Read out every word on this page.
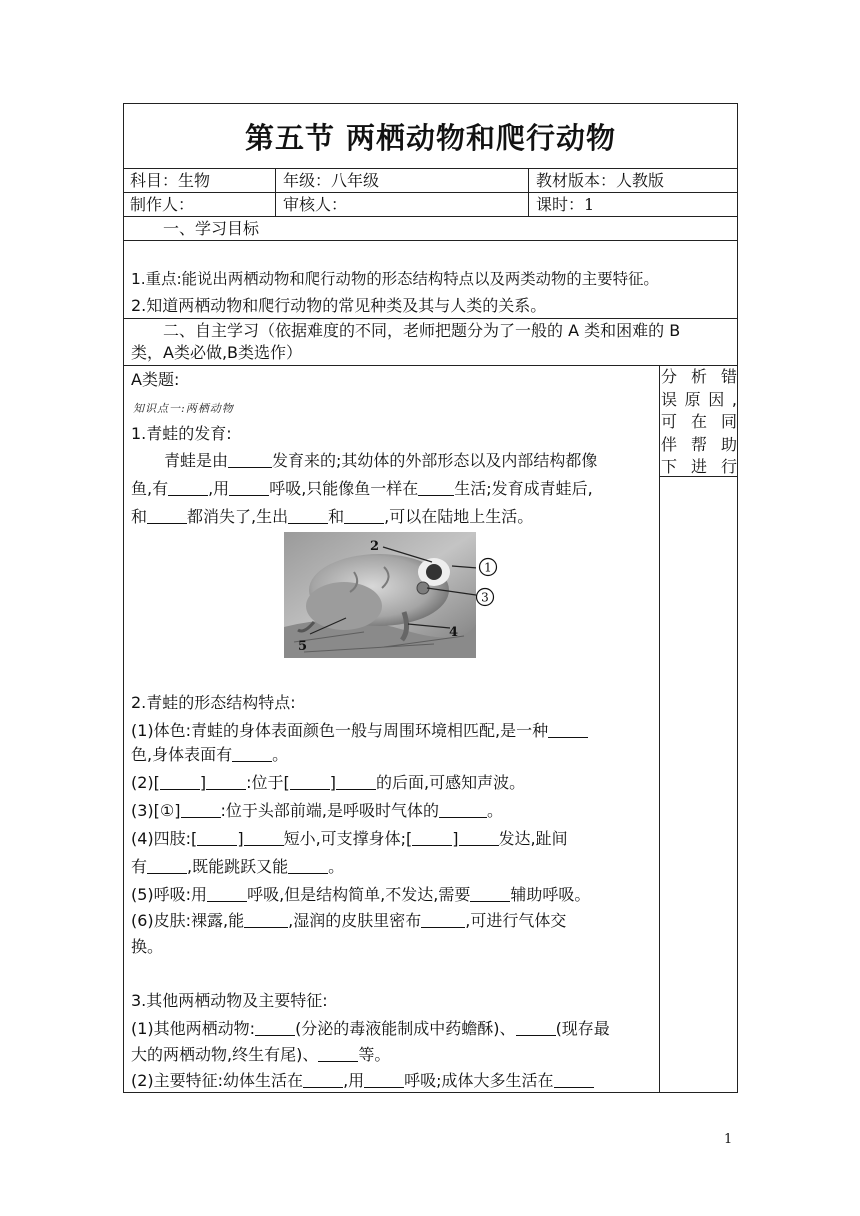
第五节 两栖动物和爬行动物
科目：生物	年级：八年级	教材版本：人教版
制作人：	审核人：	课时：1
一、学习目标
1.重点:能说出两栖动物和爬行动物的形态结构特点以及两类动物的主要特征。
2.知道两栖动物和爬行动物的常见种类及其与人类的关系。
二、自主学习（依据难度的不同，老师把题分为了一般的 A 类和困难的 B
类，A类必做,B类选作）
分析错
误原因,
可在同
伴帮助
下进行
A类题:
知识点一:两栖动物
1.青蛙的发育:
青蛙是由	发育来的;其幼体的外部形态以及内部结构都像
鱼,有	,用	呼吸,只能像鱼一样在 生活;发育成青蛙后,
和	都消失了,生出	和	,可以在陆地上生活。
2
4
5
1
3
2.青蛙的形态结构特点:
(1)体色:青蛙的身体表面颜色一般与周围环境相匹配,是一种
色,身体表面有	。
(2)[	]	:位于[	]	的后面,可感知声波。
(3)[①]	:位于头部前端,是呼吸时气体的	。
(4)四肢:[	]	短小,可支撑身体;[	]	发达,趾间
有	,既能跳跃又能	。
(5)呼吸:用	呼吸,但是结构简单,不发达,需要	辅助呼吸。
(6)皮肤:裸露,能	,湿润的皮肤里密布	,可进行气体交
换。
3.其他两栖动物及主要特征:
(1)其他两栖动物:	(分泌的毒液能制成中药蟾酥)、	(现存最
大的两栖动物,终生有尾)、	等。
(2)主要特征:幼体生活在	,用	呼吸;成体大多生活在
1
